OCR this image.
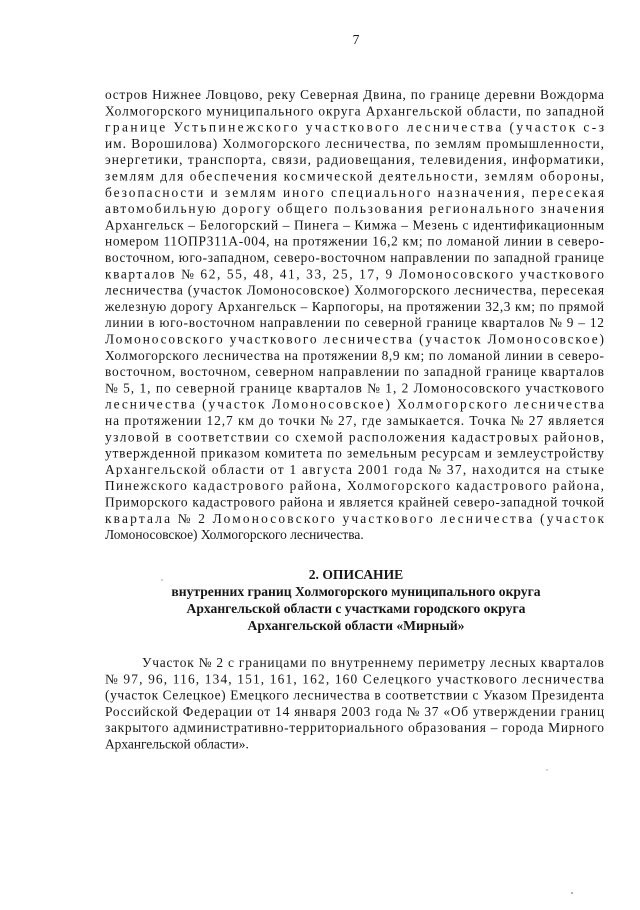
7
остров Нижнее Ловцово, реку Северная Двина, по границе деревни Вождорма
Холмогорского муниципального округа Архангельской области, по западной
границе Устьпинежского участкового лесничества (участок с-з
им. Ворошилова) Холмогорского лесничества, по землям промышленности,
энергетики, транспорта, связи, радиовещания, телевидения, информатики,
землям для обеспечения космической деятельности, землям обороны,
безопасности и землям иного специального назначения, пересекая
автомобильную дорогу общего пользования регионального значения
Архангельск – Белогорский – Пинега – Кимжа – Мезень с идентификационным
номером 11ОПРЗ11А-004, на протяжении 16,2 км; по ломаной линии в северо-
восточном, юго-западном, северо-восточном направлении по западной границе
кварталов № 62, 55, 48, 41, 33, 25, 17, 9 Ломоносовского участкового
лесничества (участок Ломоносовское) Холмогорского лесничества, пересекая
железную дорогу Архангельск – Карпогоры, на протяжении 32,3 км; по прямой
линии в юго-восточном направлении по северной границе кварталов № 9 – 12
Ломоносовского участкового лесничества (участок Ломоносовское)
Холмогорского лесничества на протяжении 8,9 км; по ломаной линии в северо-
восточном, восточном, северном направлении по западной границе кварталов
№ 5, 1, по северной границе кварталов № 1, 2 Ломоносовского участкового
лесничества (участок Ломоносовское) Холмогорского лесничества
на протяжении 12,7 км до точки № 27, где замыкается. Точка № 27 является
узловой в соответствии со схемой расположения кадастровых районов,
утвержденной приказом комитета по земельным ресурсам и землеустройству
Архангельской области от 1 августа 2001 года № 37, находится на стыке
Пинежского кадастрового района, Холмогорского кадастрового района,
Приморского кадастрового района и является крайней северо-западной точкой
квартала № 2 Ломоносовского участкового лесничества (участок
Ломоносовское) Холмогорского лесничества.
2. ОПИСАНИЕ
внутренних границ Холмогорского муниципального округа
Архангельской области с участками городского округа
Архангельской области «Мирный»
Участок № 2 с границами по внутреннему периметру лесных кварталов
№ 97, 96, 116, 134, 151, 161, 162, 160 Селецкого участкового лесничества
(участок Селецкое) Емецкого лесничества в соответствии с Указом Президента
Российской Федерации от 14 января 2003 года № 37 «Об утверждении границ
закрытого административно-территориального образования – города Мирного
Архангельской области».
